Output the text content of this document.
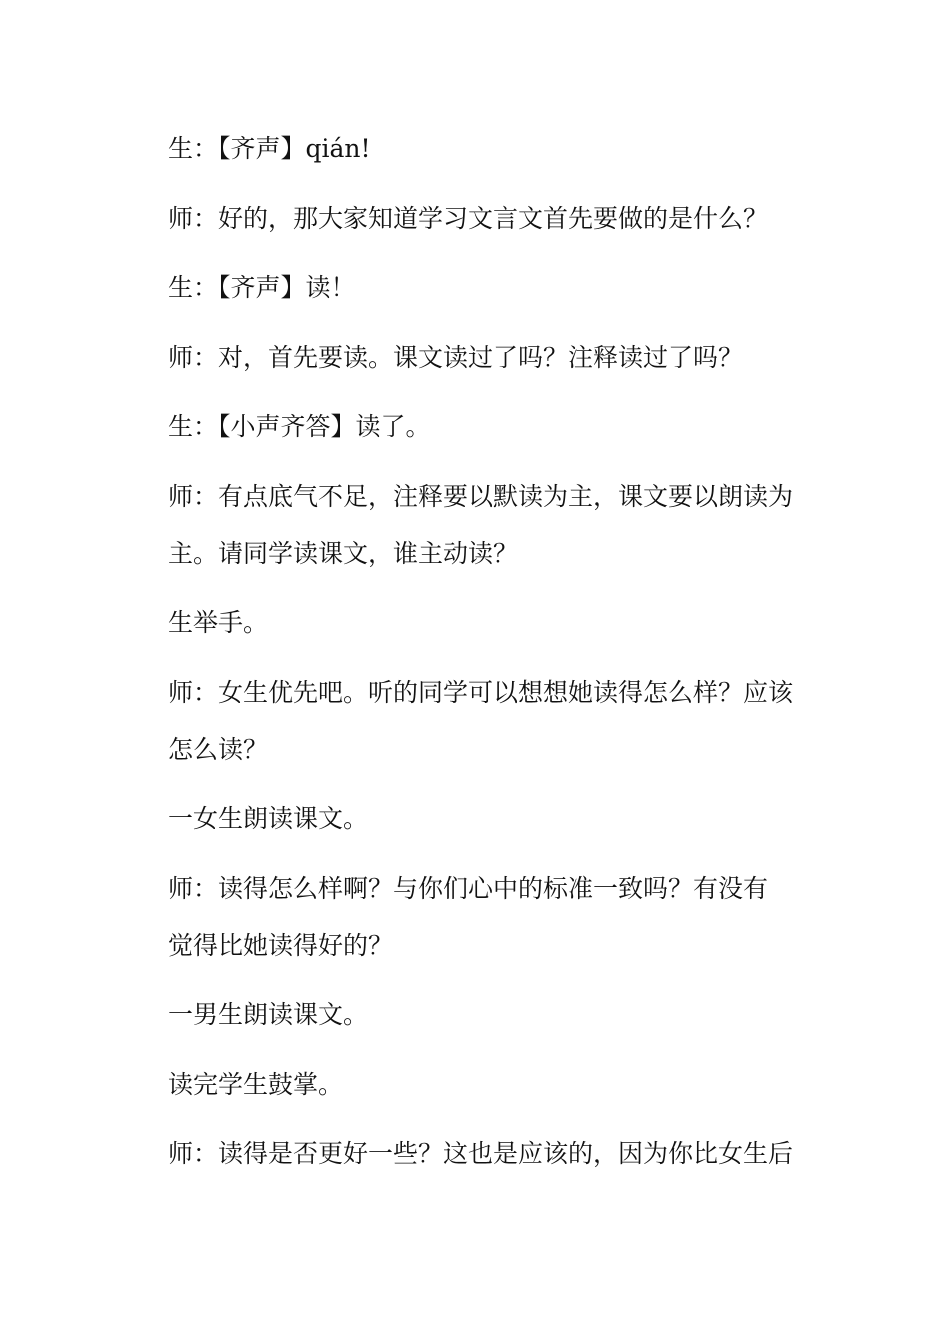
生：【齐声】qián!
师：好的，那大家知道学习文言文首先要做的是什么？
生：【齐声】读！
师：对，首先要读。课文读过了吗？注释读过了吗？
生：【小声齐答】读了。
师：有点底气不足，注释要以默读为主，课文要以朗读为
主。请同学读课文，谁主动读？
生举手。
师：女生优先吧。听的同学可以想想她读得怎么样？应该
怎么读？
一女生朗读课文。
师：读得怎么样啊？与你们心中的标准一致吗？有没有
觉得比她读得好的？
一男生朗读课文。
读完学生鼓掌。
师：读得是否更好一些？这也是应该的，因为你比女生后
